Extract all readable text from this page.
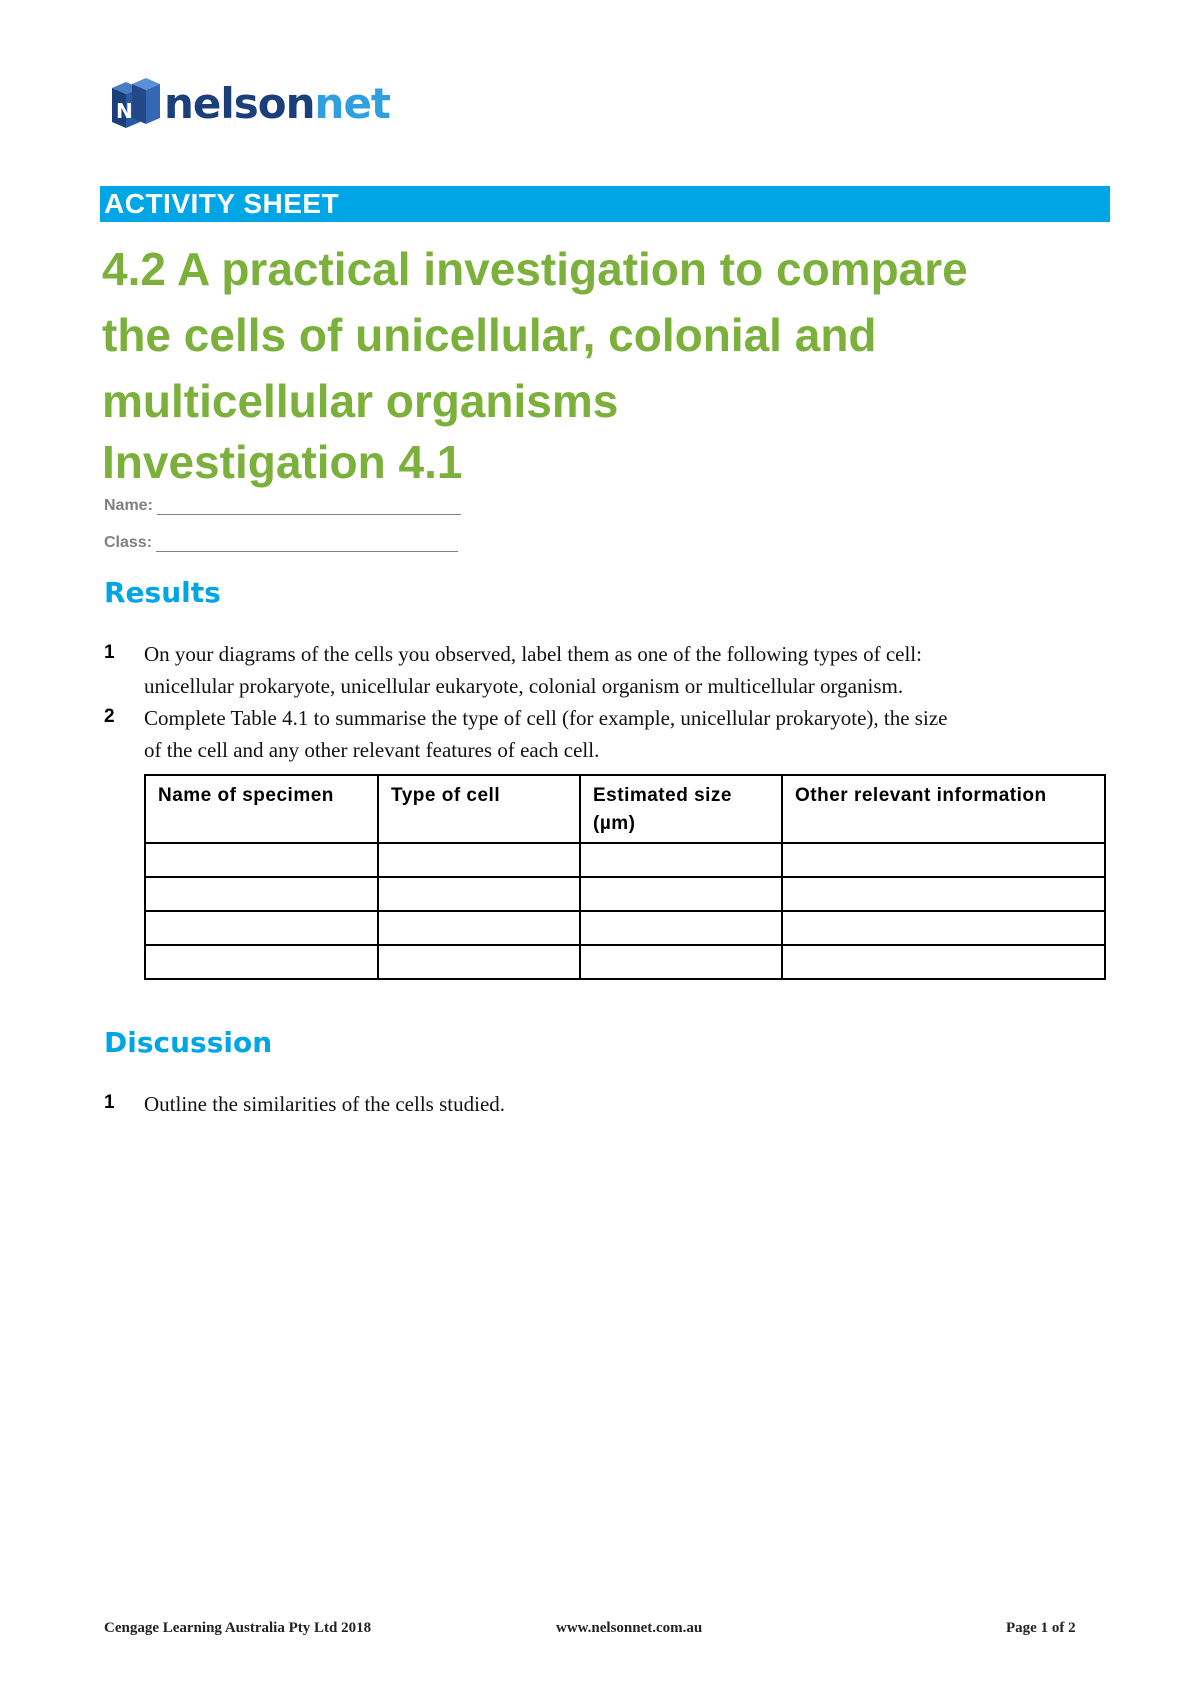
N nelsonnet
ACTIVITY SHEET
4.2 A practical investigation to compare
the cells of unicellular, colonial and
multicellular organisms
Investigation 4.1
Name:
Class:
Results
1	On your diagrams of the cells you observed, label them as one of the following types of cell:
unicellular prokaryote, unicellular eukaryote, colonial organism or multicellular organism.
2	Complete Table 4.1 to summarise the type of cell (for example, unicellular prokaryote), the size
of the cell and any other relevant features of each cell.
Name of specimen	Type of cell	Estimated size (µm)	Other relevant information

Discussion
1	Outline the similarities of the cells studied.
Cengage Learning Australia Pty Ltd 2018	www.nelsonnet.com.au	Page 1 of 2
